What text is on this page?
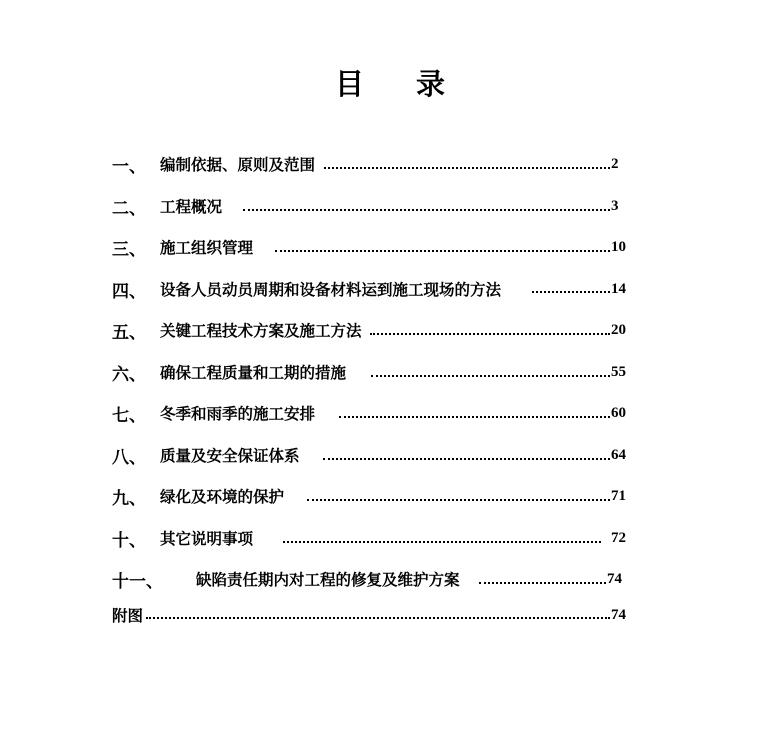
目 录
一、 编制依据、原则及范围	2
二、 工程概况	3
三、 施工组织管理	10
四、 设备人员动员周期和设备材料运到施工现场的方法	14
五、 关键工程技术方案及施工方法	20
六、 确保工程质量和工期的措施	55
七、 冬季和雨季的施工安排	60
八、 质量及安全保证体系	64
九、 绿化及环境的保护	71
十、 其它说明事项	72
十一、	缺陷责任期内对工程的修复及维护方案	74
附图	74
